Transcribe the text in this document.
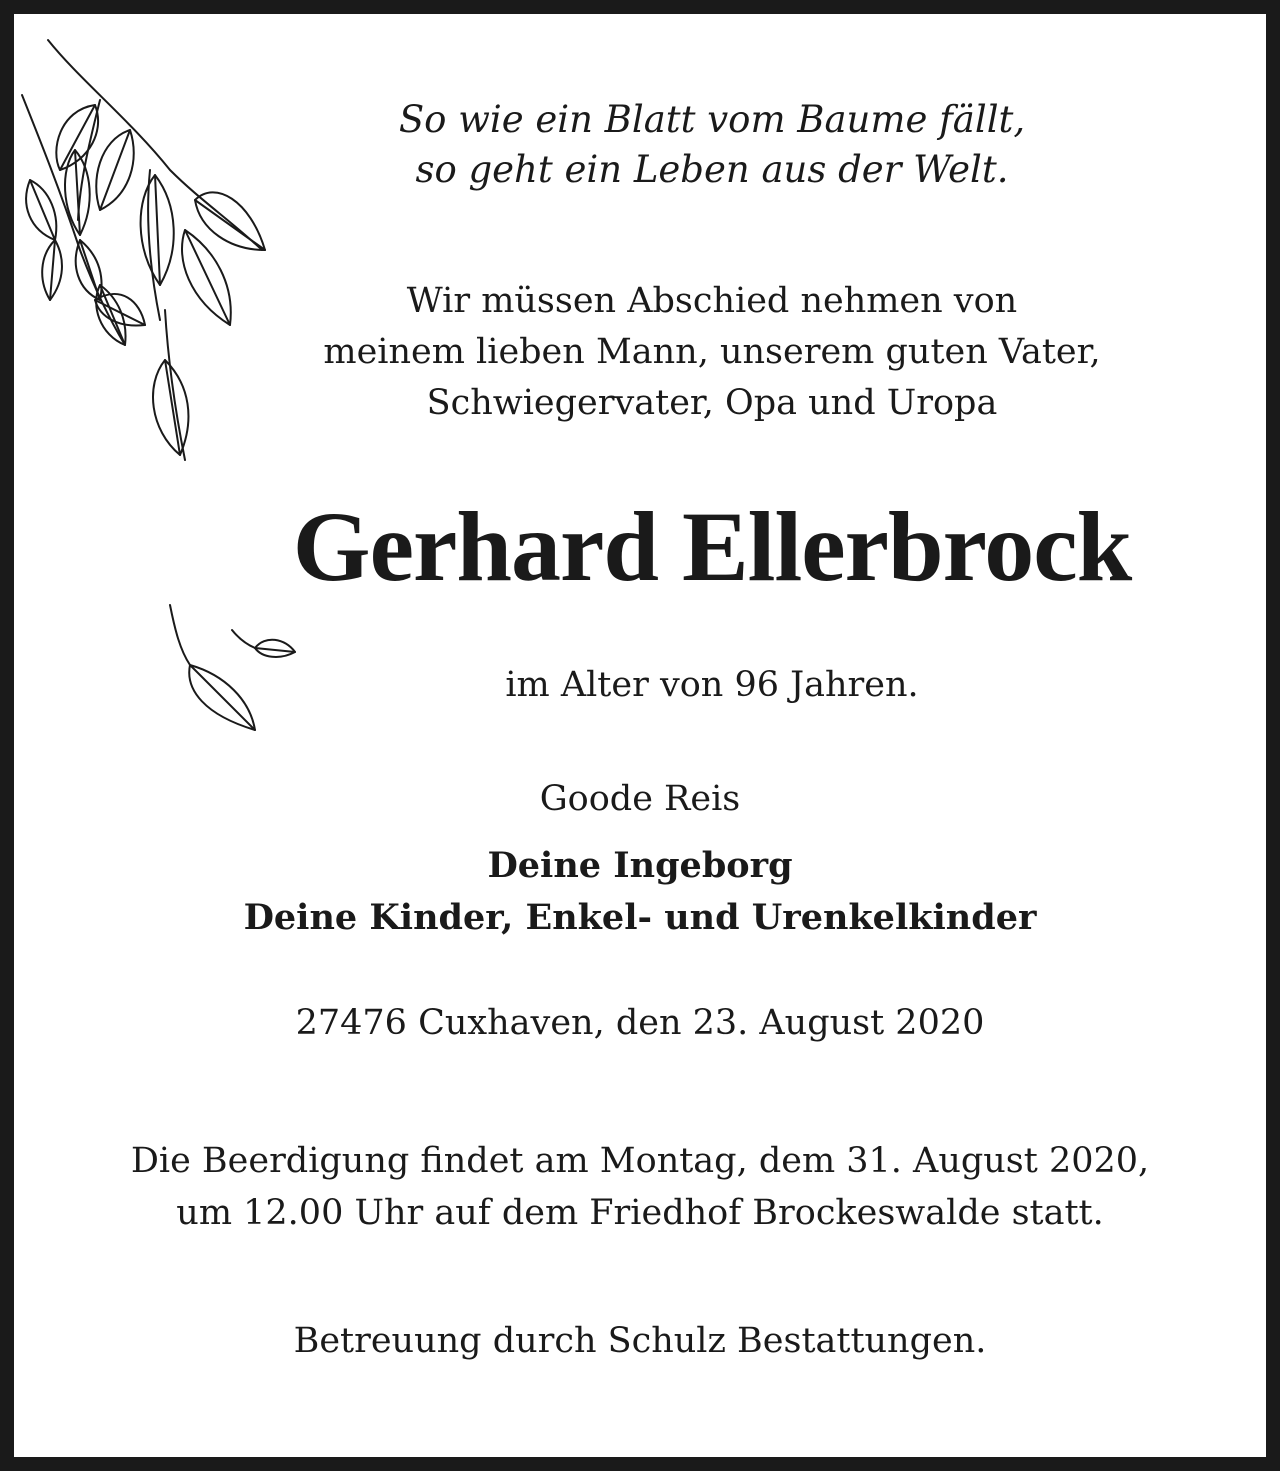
So wie ein Blatt vom Baume fällt,
so geht ein Leben aus der Welt.

Wir müssen Abschied nehmen von
meinem lieben Mann, unserem guten Vater,
Schwiegervater, Opa und Uropa

Gerhard Ellerbrock

im Alter von 96 Jahren.

Goode Reis

Deine Ingeborg
Deine Kinder, Enkel- und Urenkelkinder

27476 Cuxhaven, den 23. August 2020

Die Beerdigung findet am Montag, dem 31. August 2020,
um 12.00 Uhr auf dem Friedhof Brockeswalde statt.

Betreuung durch Schulz Bestattungen.
